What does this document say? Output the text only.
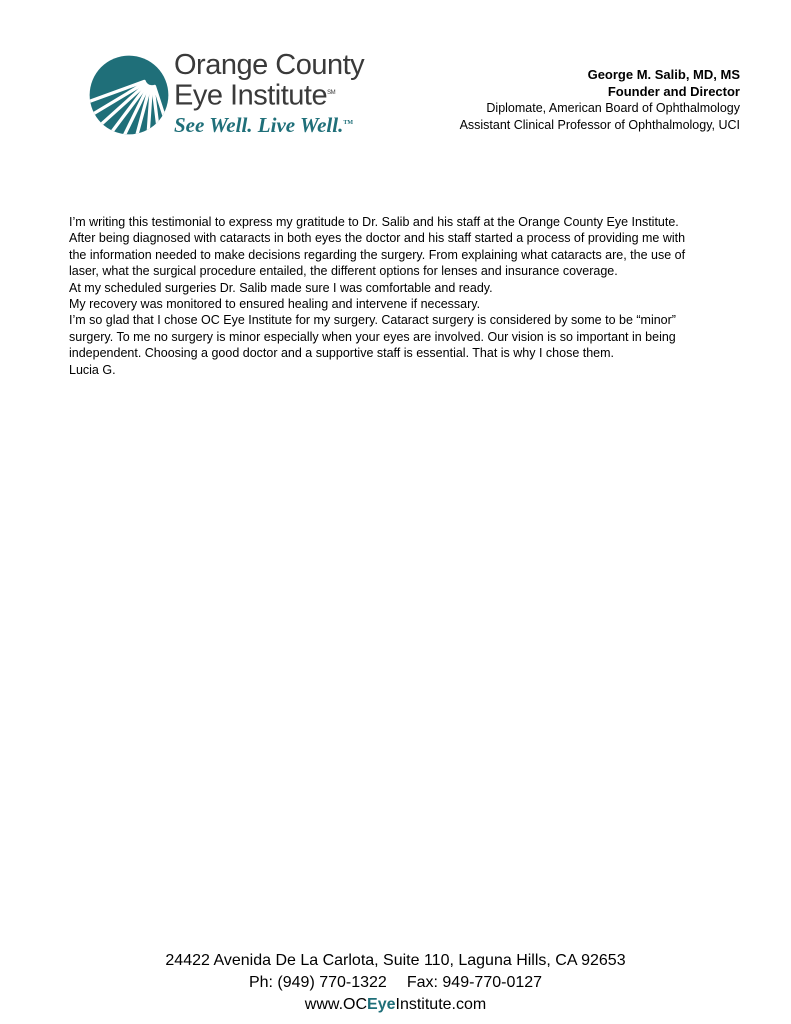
Orange County
Eye Institute℠
See Well. Live Well.™
George M. Salib, MD, MS
Founder and Director
Diplomate, American Board of Ophthalmology
Assistant Clinical Professor of Ophthalmology, UCI

I’m writing this testimonial to express my gratitude to Dr. Salib and his staff at the Orange County Eye Institute.

After being diagnosed with cataracts in both eyes the doctor and his staff started a process of providing me with

the information needed to make decisions regarding the surgery. From explaining what cataracts are, the use of

laser, what the surgical procedure entailed, the different options for lenses and insurance coverage.

At my scheduled surgeries Dr. Salib made sure I was comfortable and ready.

My recovery was monitored to ensured healing and intervene if necessary.

I’m so glad that I chose OC Eye Institute for my surgery. Cataract surgery is considered by some to be “minor”

surgery. To me no surgery is minor especially when your eyes are involved. Our vision is so important in being

independent. Choosing a good doctor and a supportive staff is essential. That is why I chose them.

Lucia G.

24422 Avenida De La Carlota, Suite 110, Laguna Hills, CA 92653
Ph: (949) 770-1322 Fax: 949-770-0127
www.OCEyeInstitute.com
